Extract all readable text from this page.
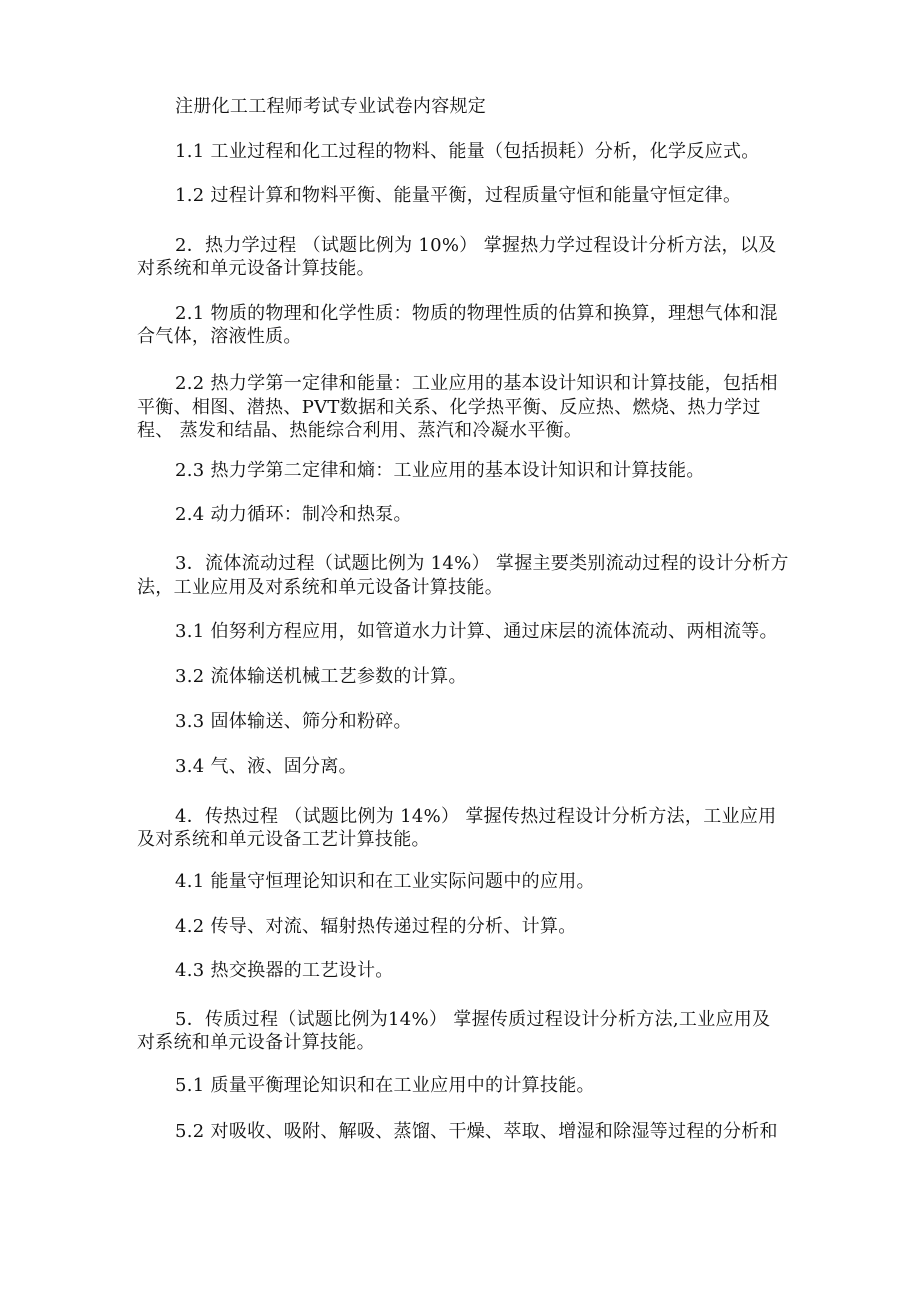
注册化工工程师考试专业试卷内容规定
1.1 工业过程和化工过程的物料、能量（包括损耗）分析，化学反应式。
1.2 过程计算和物料平衡、能量平衡，过程质量守恒和能量守恒定律。
2．热力学过程 （试题比例为 10%） 掌握热力学过程设计分析方法，以及
对系统和单元设备计算技能。
2.1 物质的物理和化学性质：物质的物理性质的估算和换算，理想气体和混
合气体，溶液性质。
2.2 热力学第一定律和能量：工业应用的基本设计知识和计算技能，包括相
平衡、相图、潜热、PVT数据和关系、化学热平衡、反应热、燃烧、热力学过
程、 蒸发和结晶、热能综合利用、蒸汽和冷凝水平衡。
2.3 热力学第二定律和熵：工业应用的基本设计知识和计算技能。
2.4 动力循环：制冷和热泵。
3．流体流动过程（试题比例为 14%） 掌握主要类别流动过程的设计分析方
法，工业应用及对系统和单元设备计算技能。
3.1 伯努利方程应用，如管道水力计算、通过床层的流体流动、两相流等。
3.2 流体输送机械工艺参数的计算。
3.3 固体输送、筛分和粉碎。
3.4 气、液、固分离。
4．传热过程 （试题比例为 14%） 掌握传热过程设计分析方法，工业应用
及对系统和单元设备工艺计算技能。
4.1 能量守恒理论知识和在工业实际问题中的应用。
4.2 传导、对流、辐射热传递过程的分析、计算。
4.3 热交换器的工艺设计。
5．传质过程（试题比例为14%） 掌握传质过程设计分析方法,工业应用及
对系统和单元设备计算技能。
5.1 质量平衡理论知识和在工业应用中的计算技能。
5.2 对吸收、吸附、解吸、蒸馏、干燥、萃取、增湿和除湿等过程的分析和
